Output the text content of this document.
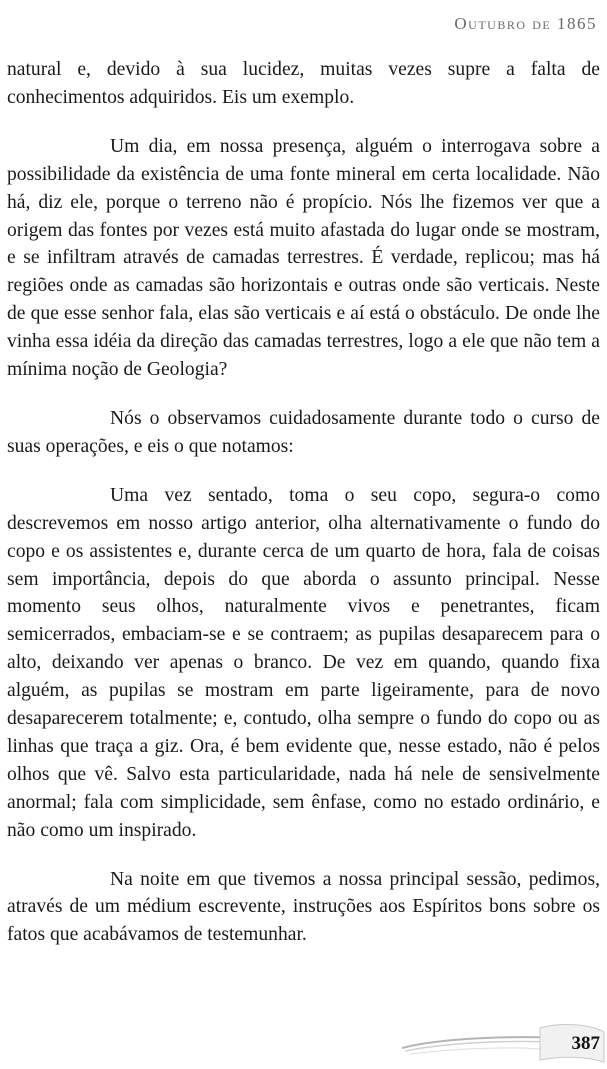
Outubro de 1865

natural e, devido à sua lucidez, muitas vezes supre a falta de conhecimentos adquiridos. Eis um exemplo.

Um dia, em nossa presença, alguém o interrogava sobre a possibilidade da existência de uma fonte mineral em certa localidade. Não há, diz ele, porque o terreno não é propício. Nós lhe fizemos ver que a origem das fontes por vezes está muito afastada do lugar onde se mostram, e se infiltram através de camadas terrestres. É verdade, replicou; mas há regiões onde as camadas são horizontais e outras onde são verticais. Neste de que esse senhor fala, elas são verticais e aí está o obstáculo. De onde lhe vinha essa idéia da direção das camadas terrestres, logo a ele que não tem a mínima noção de Geologia?

Nós o observamos cuidadosamente durante todo o curso de suas operações, e eis o que notamos:

Uma vez sentado, toma o seu copo, segura-o como descrevemos em nosso artigo anterior, olha alternativamente o fundo do copo e os assistentes e, durante cerca de um quarto de hora, fala de coisas sem importância, depois do que aborda o assunto principal. Nesse momento seus olhos, naturalmente vivos e penetrantes, ficam semicerrados, embaciam-se e se contraem; as pupilas desaparecem para o alto, deixando ver apenas o branco. De vez em quando, quando fixa alguém, as pupilas se mostram em parte ligeiramente, para de novo desaparecerem totalmente; e, contudo, olha sempre o fundo do copo ou as linhas que traça a giz. Ora, é bem evidente que, nesse estado, não é pelos olhos que vê. Salvo esta particularidade, nada há nele de sensivelmente anormal; fala com simplicidade, sem ênfase, como no estado ordinário, e não como um inspirado.

Na noite em que tivemos a nossa principal sessão, pedimos, através de um médium escrevente, instruções aos Espíritos bons sobre os fatos que acabávamos de testemunhar.

387
